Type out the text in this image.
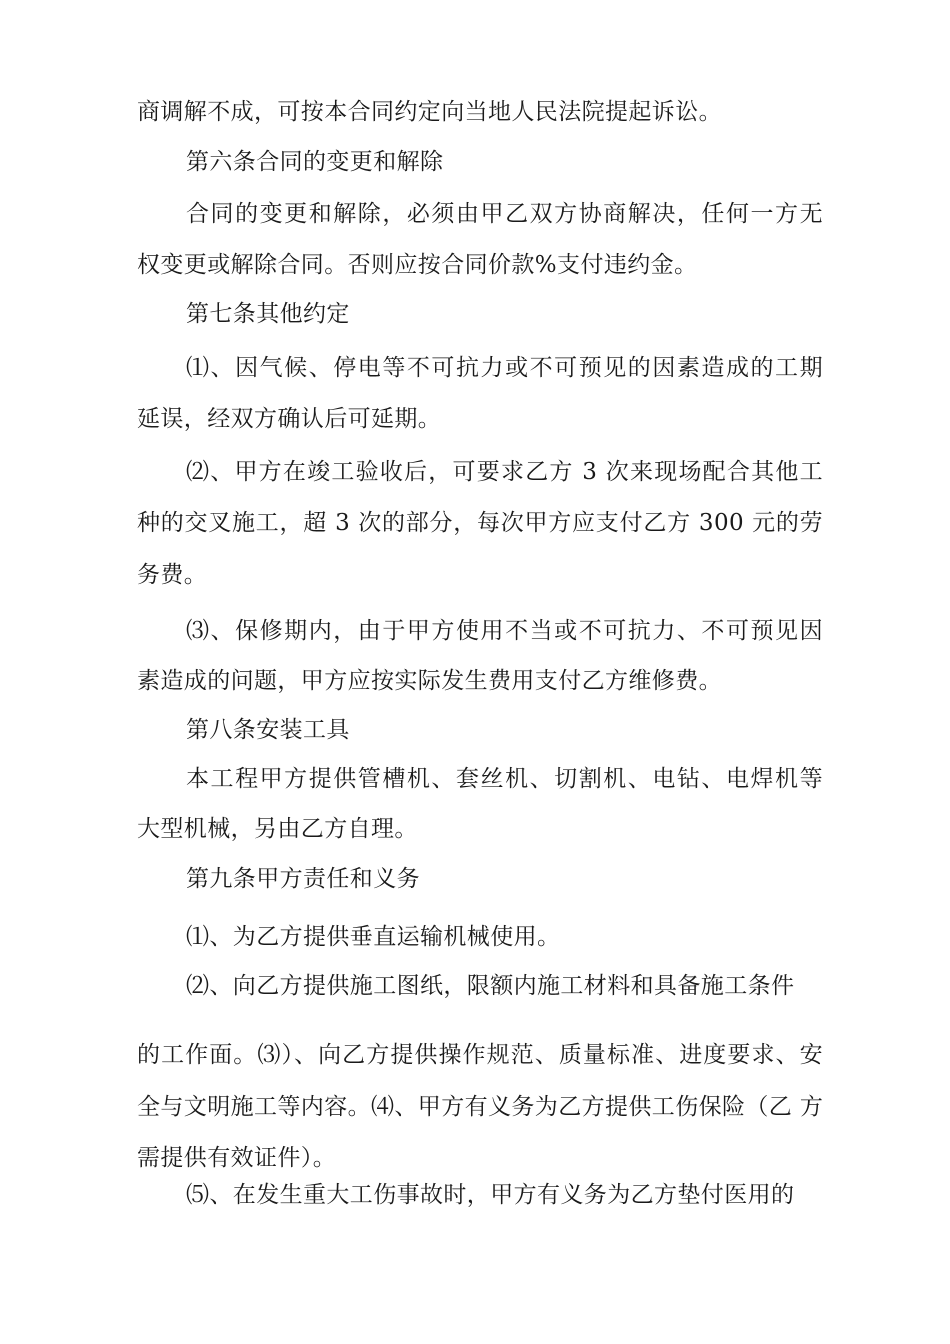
商调解不成，可按本合同约定向当地人民法院提起诉讼。
第六条合同的变更和解除
合同的变更和解除，必须由甲乙双方协商解决，任何一方无
权变更或解除合同。否则应按合同价款%支付违约金。
第七条其他约定
⑴、因气候、停电等不可抗力或不可预见的因素造成的工期
延误，经双方确认后可延期。
⑵、甲方在竣工验收后，可要求乙方 3 次来现场配合其他工
种的交叉施工，超 3 次的部分，每次甲方应支付乙方 300 元的劳
务费。
⑶、保修期内，由于甲方使用不当或不可抗力、不可预见因
素造成的问题，甲方应按实际发生费用支付乙方维修费。
第八条安装工具
本工程甲方提供管槽机、套丝机、切割机、电钻、电焊机等
大型机械，另由乙方自理。
第九条甲方责任和义务
⑴、为乙方提供垂直运输机械使用。
⑵、向乙方提供施工图纸，限额内施工材料和具备施工条件
的工作面。⑶）、向乙方提供操作规范、质量标准、进度要求、安
全与文明施工等内容。⑷、甲方有义务为乙方提供工伤保险（乙 方
需提供有效证件）。
⑸、在发生重大工伤事故时，甲方有义务为乙方垫付医用的
